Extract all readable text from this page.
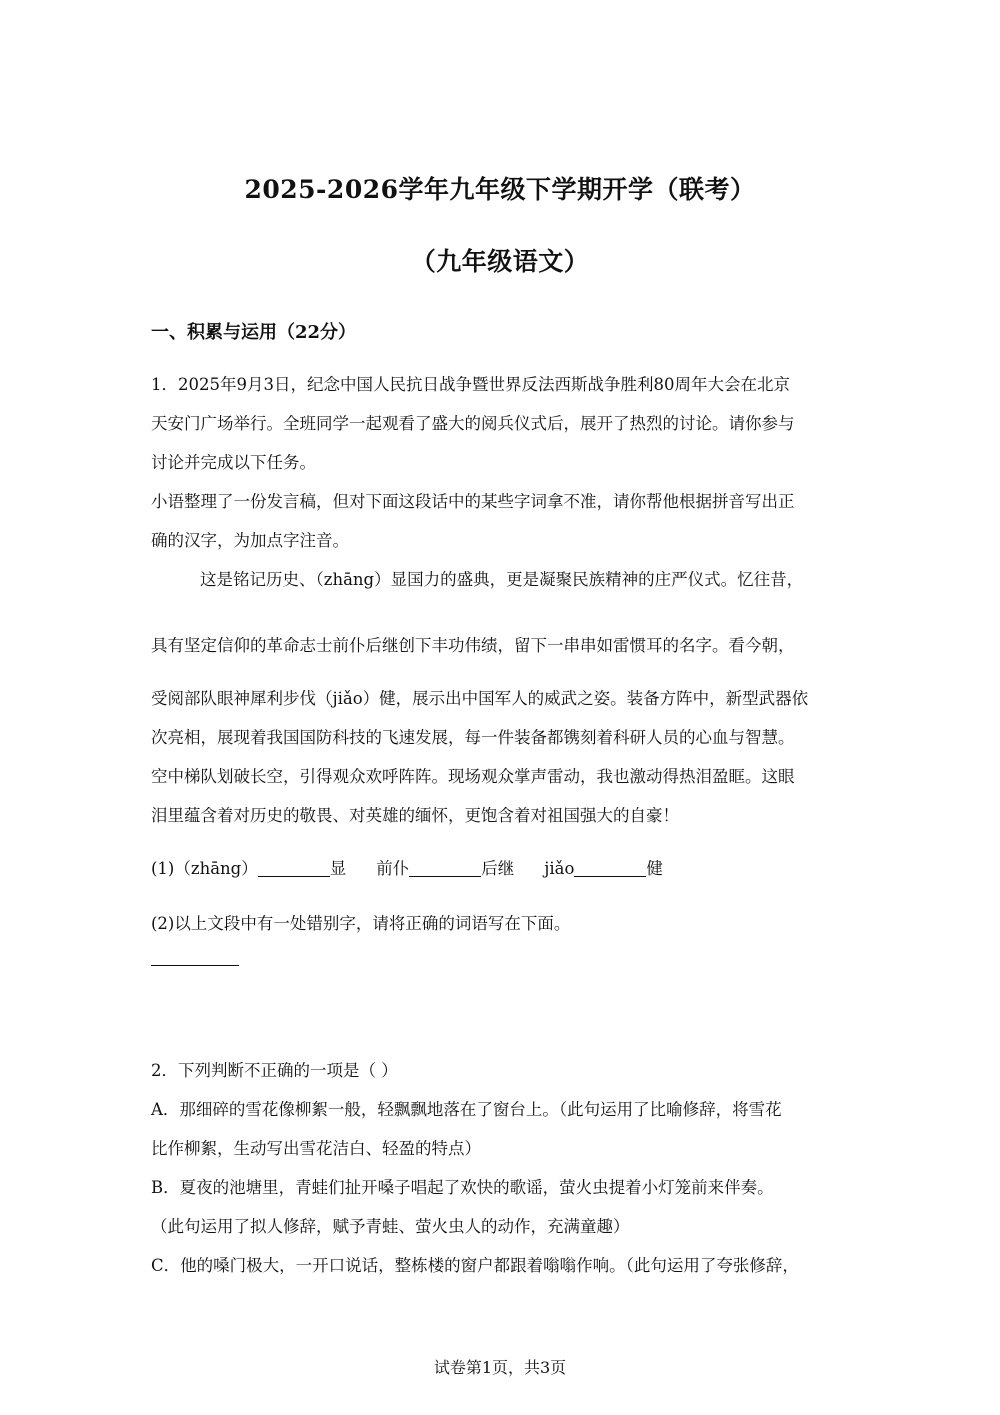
2025-2026学年九年级下学期开学（联考）
（九年级语文）
一、积累与运用（22分）
1．2025年9月3日，纪念中国人民抗日战争暨世界反法西斯战争胜利80周年大会在北京
天安门广场举行。全班同学一起观看了盛大的阅兵仪式后，展开了热烈的讨论。请你参与
讨论并完成以下任务。
小语整理了一份发言稿，但对下面这段话中的某些字词拿不准，请你帮他根据拼音写出正
确的汉字，为加点字注音。
这是铭记历史、（zhāng）显国力的盛典，更是凝聚民族精神的庄严仪式。忆往昔，
具有坚定信仰的革命志士前仆后继创下丰功伟绩，留下一串串如雷惯耳的名字。看今朝，
受阅部队眼神犀利步伐（jiǎo）健，展示出中国军人的威武之姿。装备方阵中，新型武器依
次亮相，展现着我国国防科技的飞速发展，每一件装备都镌刻着科研人员的心血与智慧。
空中梯队划破长空，引得观众欢呼阵阵。现场观众掌声雷动，我也激动得热泪盈眶。这眼
泪里蕴含着对历史的敬畏、对英雄的缅怀，更饱含着对祖国强大的自豪！
(1)（zhāng）	显 前仆	后继 jiǎo	健
(2)以上文段中有一处错别字，请将正确的词语写在下面。
2．下列判断不正确的一项是（ ）
A．那细碎的雪花像柳絮一般，轻飘飘地落在了窗台上。（此句运用了比喻修辞，将雪花
比作柳絮，生动写出雪花洁白、轻盈的特点）
B．夏夜的池塘里，青蛙们扯开嗓子唱起了欢快的歌谣，萤火虫提着小灯笼前来伴奏。
（此句运用了拟人修辞，赋予青蛙、萤火虫人的动作，充满童趣）
C．他的嗓门极大，一开口说话，整栋楼的窗户都跟着嗡嗡作响。（此句运用了夸张修辞，
试卷第1页，共3页
